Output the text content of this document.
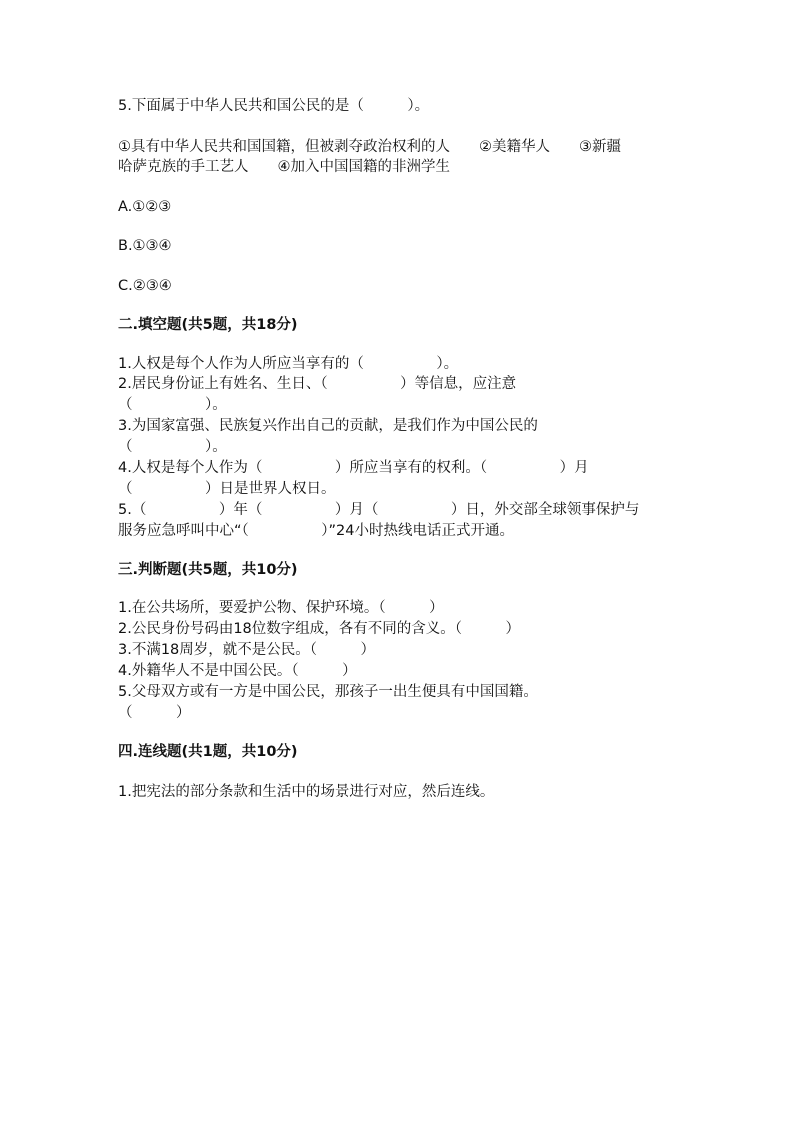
5.下面属于中华人民共和国公民的是（　　　）。
①具有中华人民共和国国籍，但被剥夺政治权利的人　　②美籍华人　　③新疆
哈萨克族的手工艺人　　④加入中国国籍的非洲学生
A.①②③
B.①③④
C.②③④
二.填空题(共5题，共18分)
1.人权是每个人作为人所应当享有的（　　　　　）。
2.居民身份证上有姓名、生日、（　　　　　）等信息，应注意
（　　　　　）。
3.为国家富强、民族复兴作出自己的贡献，是我们作为中国公民的
（　　　　　）。
4.人权是每个人作为（　　　　　）所应当享有的权利。（　　　　　）月
（　　　　　）日是世界人权日。
5.（　　　　　）年（　　　　　）月（　　　　　）日，外交部全球领事保护与
服务应急呼叫中心“（　　　　　）”24小时热线电话正式开通。
三.判断题(共5题，共10分)
1.在公共场所，要爱护公物、保护环境。（　　　）
2.公民身份号码由18位数字组成，各有不同的含义。（　　　）
3.不满18周岁，就不是公民。（　　　）
4.外籍华人不是中国公民。（　　　）
5.父母双方或有一方是中国公民，那孩子一出生便具有中国国籍。
（　　　）
四.连线题(共1题，共10分)
1.把宪法的部分条款和生活中的场景进行对应，然后连线。
